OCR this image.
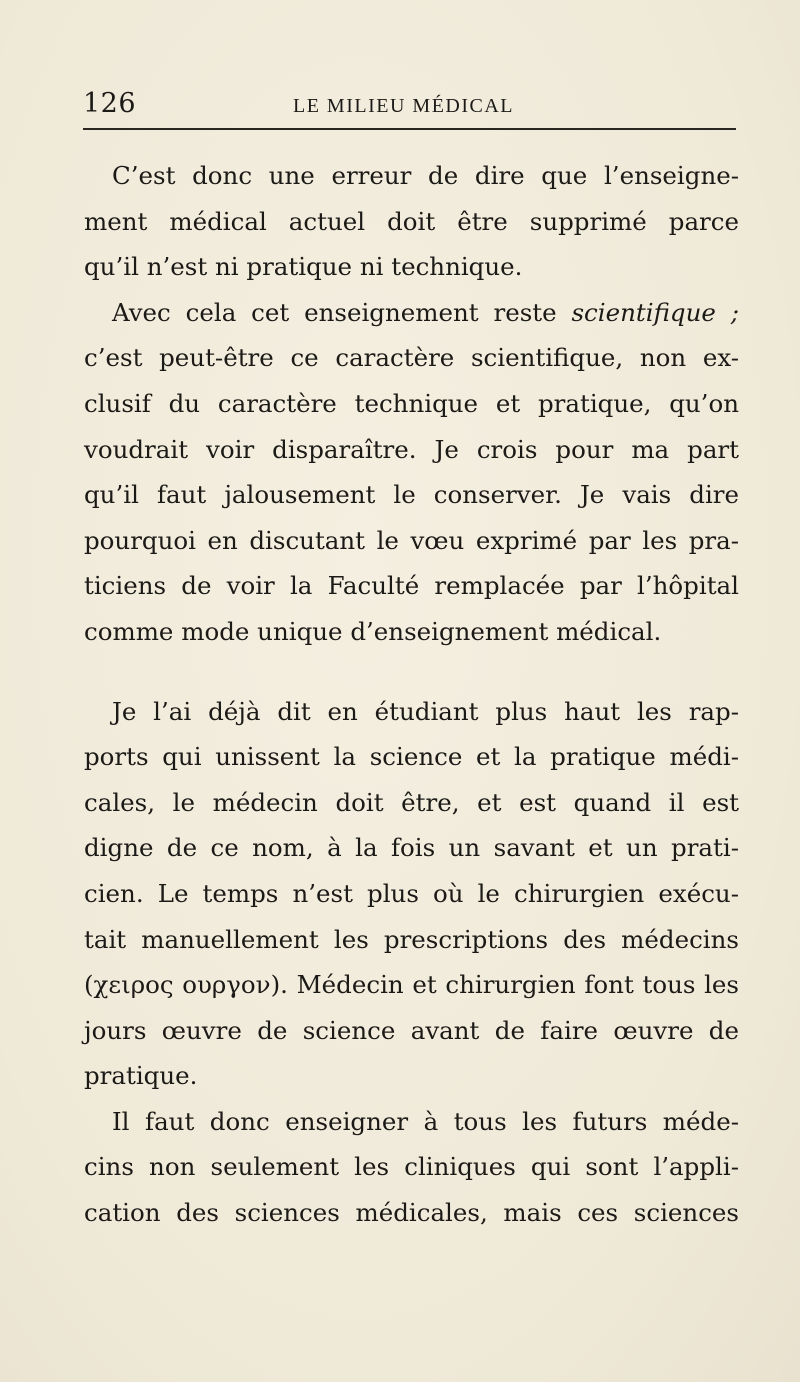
126	LE MILIEU MÉDICAL
C’est donc une erreur de dire que l’enseigne-
ment médical actuel doit être supprimé parce
qu’il n’est ni pratique ni technique.
Avec cela cet enseignement reste scientifique ;
c’est peut-être ce caractère scientifique, non ex-
clusif du caractère technique et pratique, qu’on
voudrait voir disparaître. Je crois pour ma part
qu’il faut jalousement le conserver. Je vais dire
pourquoi en discutant le vœu exprimé par les pra-
ticiens de voir la Faculté remplacée par l’hôpital
comme mode unique d’enseignement médical.
Je l’ai déjà dit en étudiant plus haut les rap-
ports qui unissent la science et la pratique médi-
cales, le médecin doit être, et est quand il est
digne de ce nom, à la fois un savant et un prati-
cien. Le temps n’est plus où le chirurgien exécu-
tait manuellement les prescriptions des médecins
(χειρος ουργον). Médecin et chirurgien font tous les
jours œuvre de science avant de faire œuvre de
pratique.
Il faut donc enseigner à tous les futurs méde-
cins non seulement les cliniques qui sont l’appli-
cation des sciences médicales, mais ces sciences
